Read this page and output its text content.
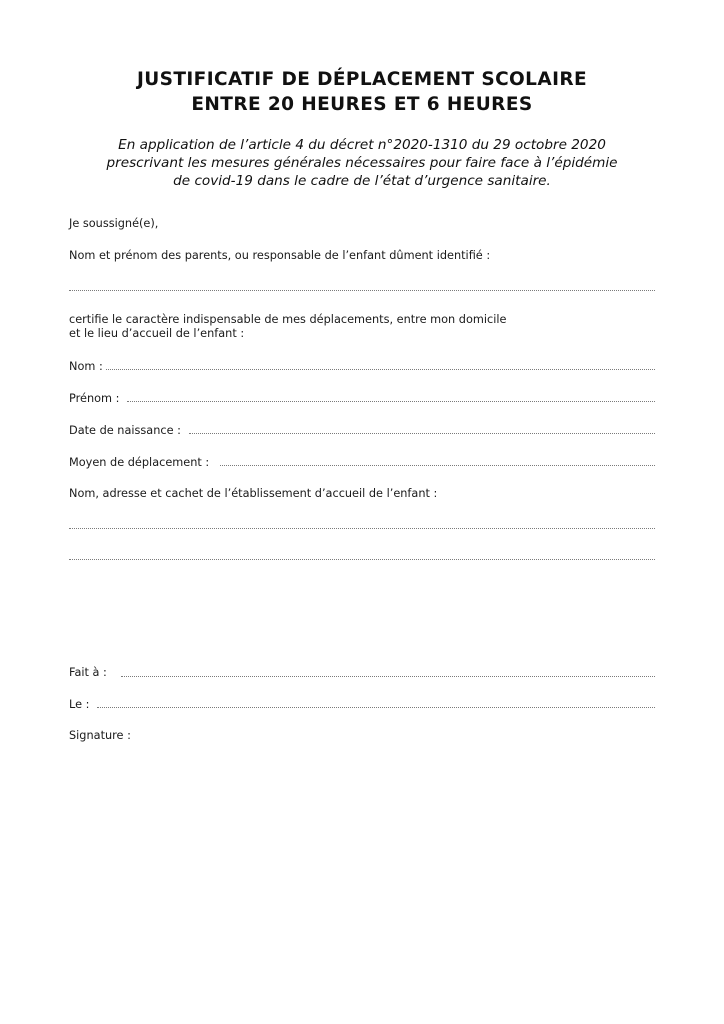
JUSTIFICATIF DE DÉPLACEMENT SCOLAIRE
ENTRE 20 HEURES ET 6 HEURES
En application de l’article 4 du décret n°2020-1310 du 29 octobre 2020
prescrivant les mesures générales nécessaires pour faire face à l’épidémie
de covid-19 dans le cadre de l’état d’urgence sanitaire.
Je soussigné(e),
Nom et prénom des parents, ou responsable de l’enfant dûment identifié :
certifie le caractère indispensable de mes déplacements, entre mon domicile
et le lieu d’accueil de l’enfant :
Nom :
Prénom :
Date de naissance :
Moyen de déplacement :
Nom, adresse et cachet de l’établissement d’accueil de l’enfant :
Fait à :
Le :
Signature :
